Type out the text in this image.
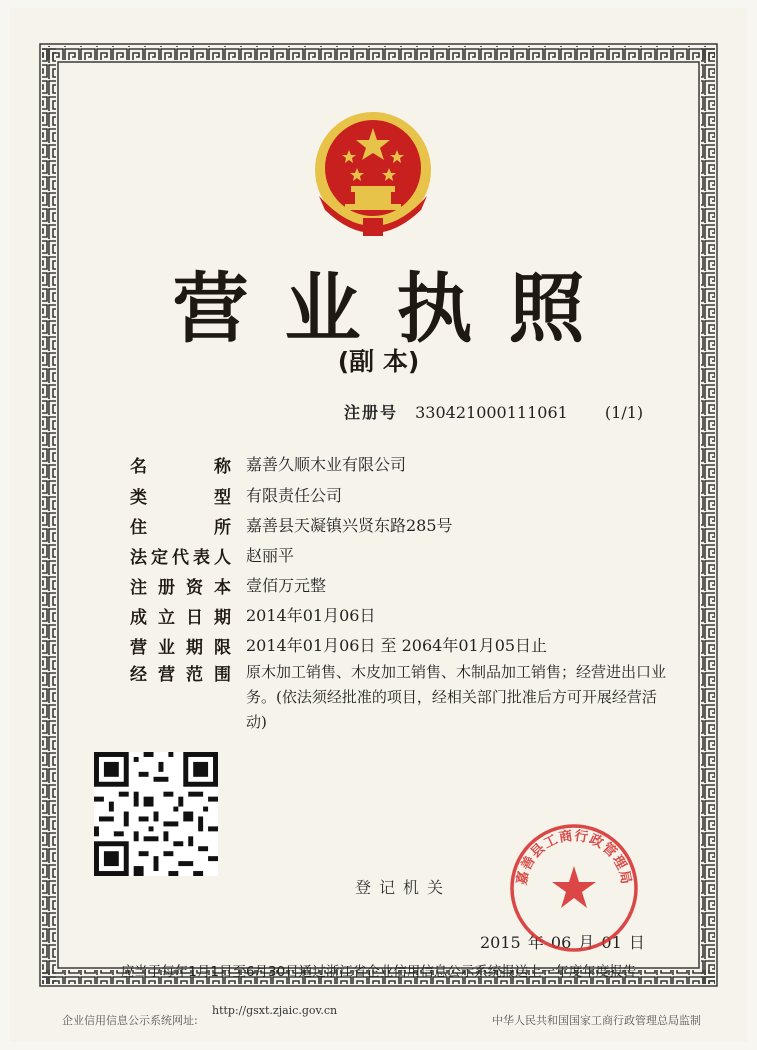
营业执照
(副 本)
注册号 330421000111061 (1/1)
名称 嘉善久顺木业有限公司
类型 有限责任公司
住所 嘉善县天凝镇兴贤东路285号
法定代表人 赵丽平
注册资本 壹佰万元整
成立日期 2014年01月06日
营业期限 2014年01月06日 至 2064年01月05日止
经营范围 原木加工销售、木皮加工销售、木制品加工销售；经营进出口业务。(依法须经批准的项目，经相关部门批准后方可开展经营活动)
登记机关
2015 年 06 月 01 日
嘉善县工商行政管理局
应当于每年1月1日至6月30日通过浙江省企业信用信息公示系统报送上一年度年度报告
企业信用信息公示系统网址:
http://gsxt.zjaic.gov.cn
中华人民共和国国家工商行政管理总局监制
